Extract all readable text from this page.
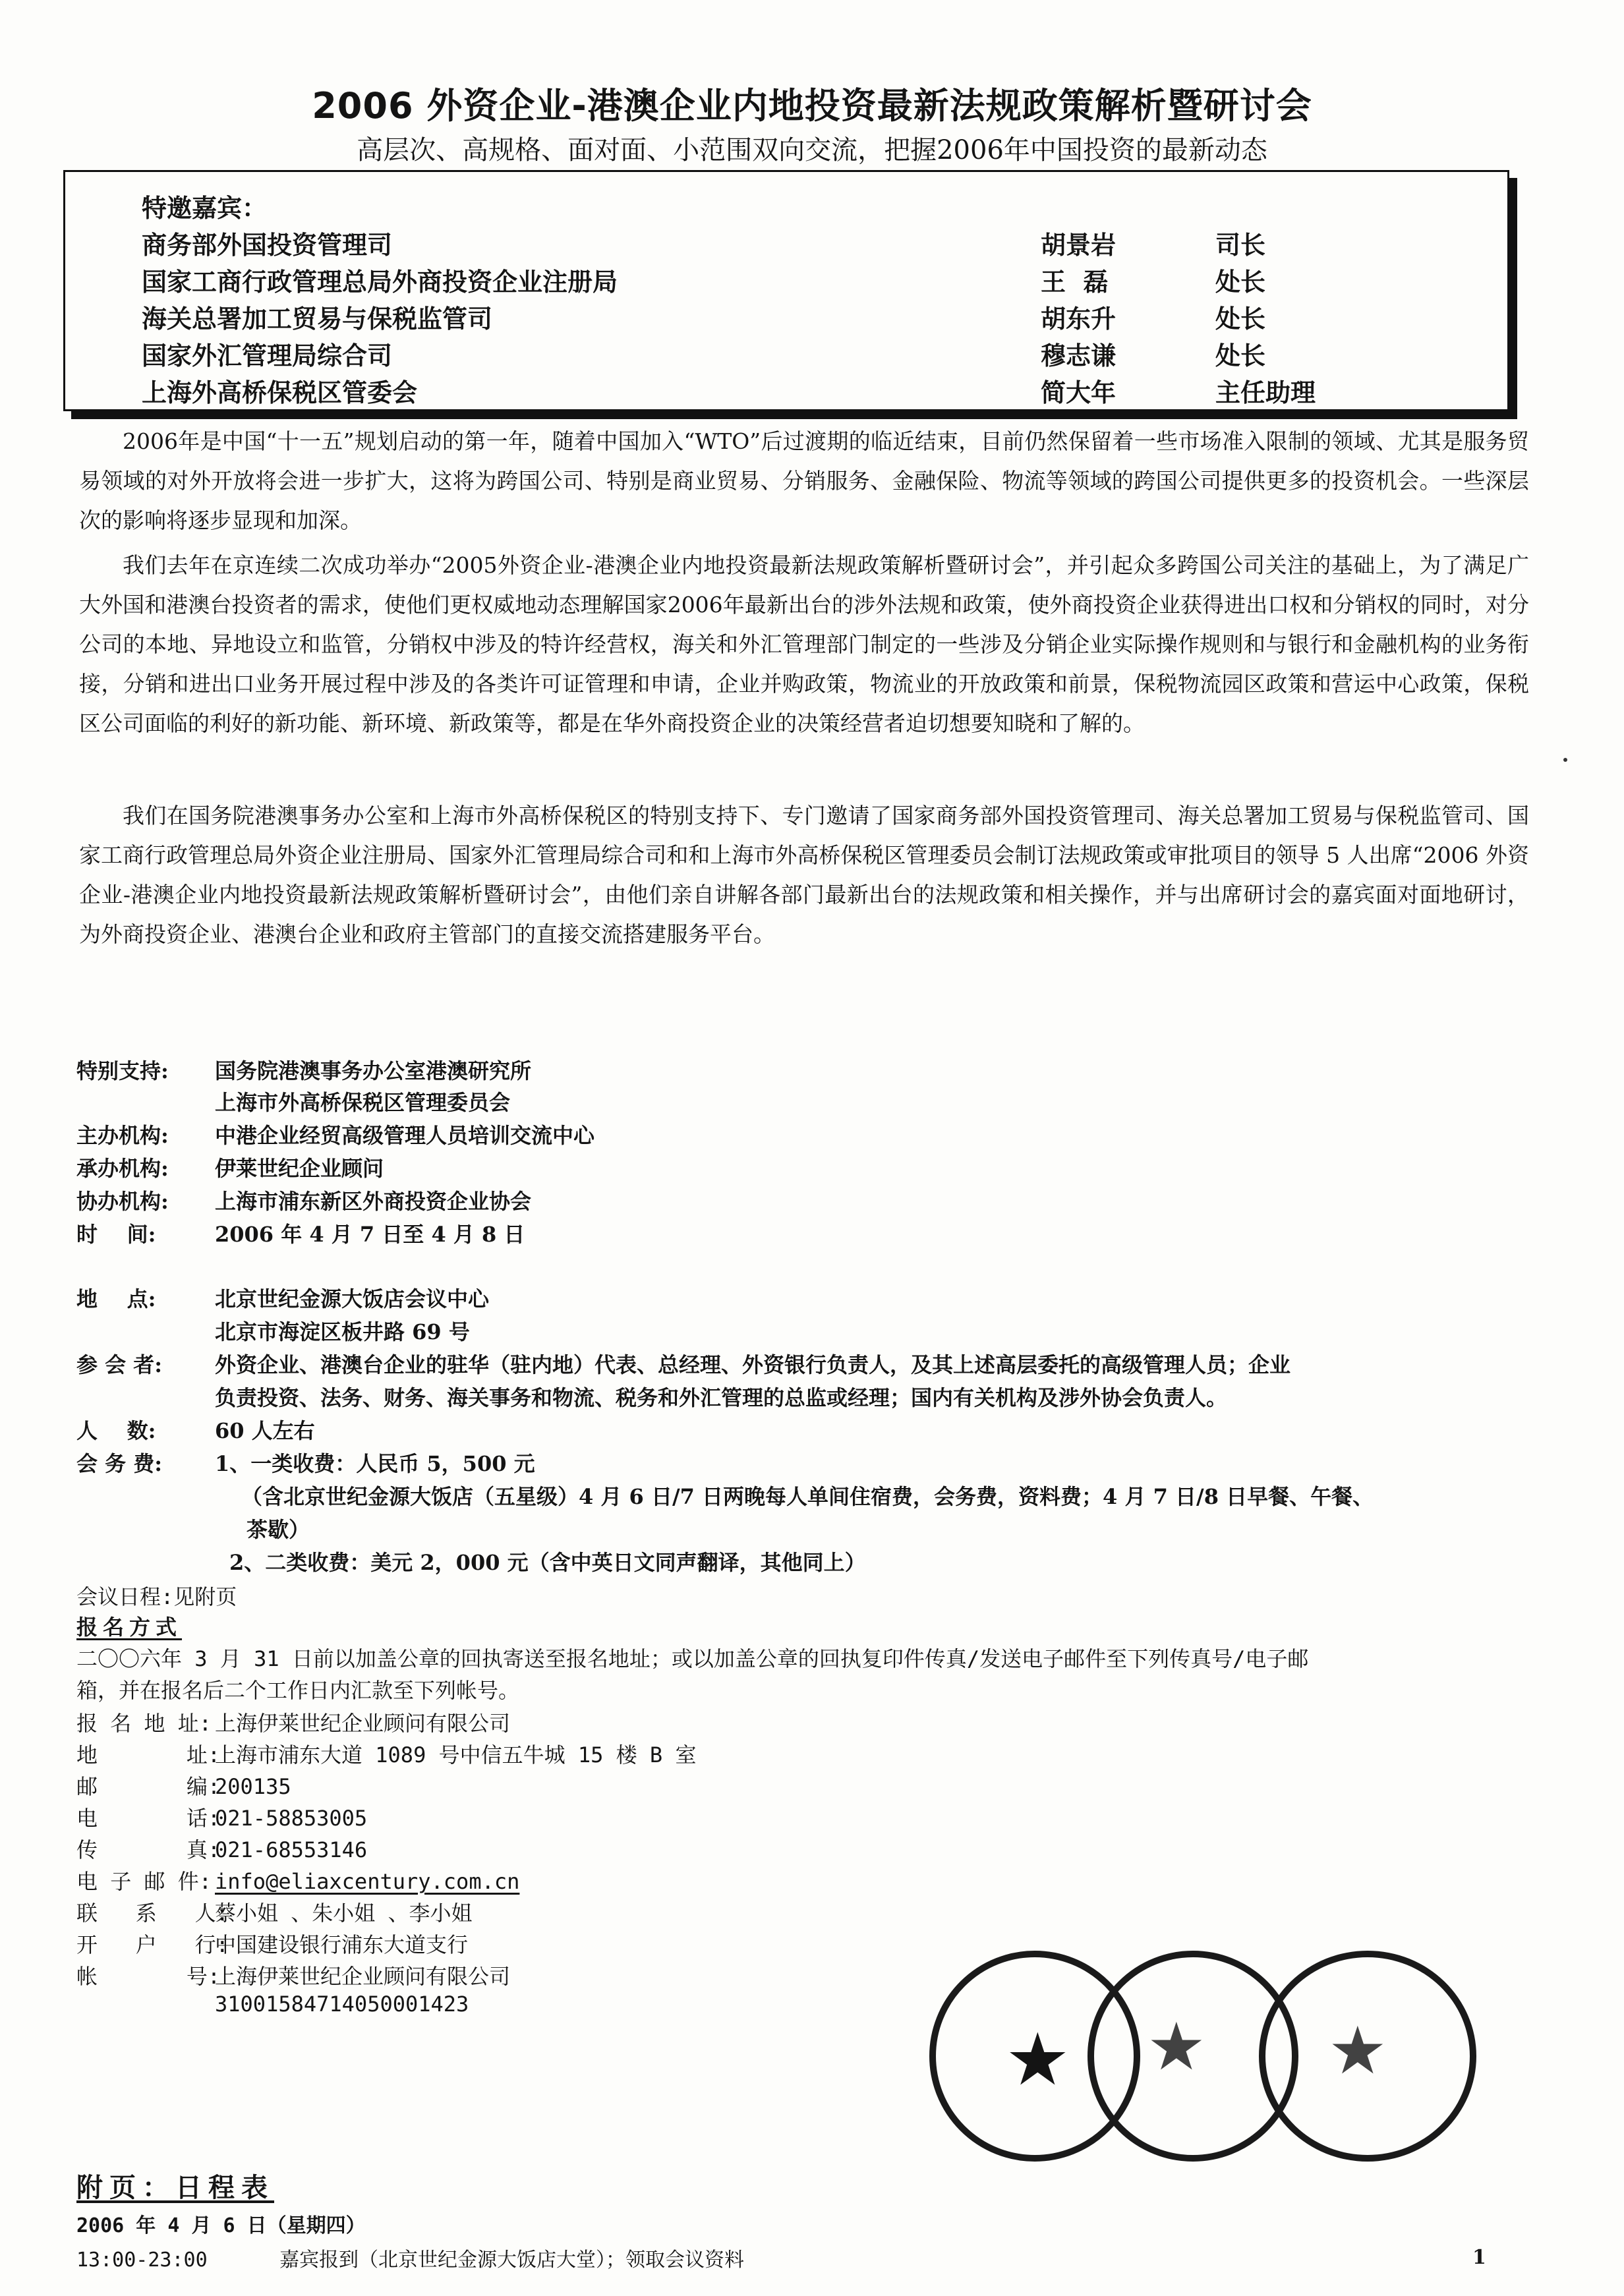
2006 外资企业-港澳企业内地投资最新法规政策解析暨研讨会
高层次、高规格、面对面、小范围双向交流，把握2006年中国投资的最新动态
特邀嘉宾：
商务部外国投资管理司	胡景岩	司长
国家工商行政管理总局外商投资企业注册局	王  磊	处长
海关总署加工贸易与保税监管司	胡东升	处长
国家外汇管理局综合司	穆志谦	处长
上海外高桥保税区管委会	简大年	主任助理

2006年是中国“十一五”规划启动的第一年，随着中国加入“WTO”后过渡期的临近结束，目前仍然保留着一些市场准入限制的领域、尤其是服务贸易领域的对外开放将会进一步扩大，这将为跨国公司、特别是商业贸易、分销服务、金融保险、物流等领域的跨国公司提供更多的投资机会。一些深层次的影响将逐步显现和加深。

我们去年在京连续二次成功举办“2005外资企业-港澳企业内地投资最新法规政策解析暨研讨会”，并引起众多跨国公司关注的基础上，为了满足广大外国和港澳台投资者的需求，使他们更权威地动态理解国家2006年最新出台的涉外法规和政策，使外商投资企业获得进出口权和分销权的同时，对分公司的本地、异地设立和监管，分销权中涉及的特许经营权，海关和外汇管理部门制定的一些涉及分销企业实际操作规则和与银行和金融机构的业务衔接，分销和进出口业务开展过程中涉及的各类许可证管理和申请，企业并购政策，物流业的开放政策和前景，保税物流园区政策和营运中心政策，保税区公司面临的利好的新功能、新环境、新政策等，都是在华外商投资企业的决策经营者迫切想要知晓和了解的。

我们在国务院港澳事务办公室和上海市外高桥保税区的特别支持下、专门邀请了国家商务部外国投资管理司、海关总署加工贸易与保税监管司、国家工商行政管理总局外资企业注册局、国家外汇管理局综合司和和上海市外高桥保税区管理委员会制订法规政策或审批项目的领导 5 人出席“2006 外资企业-港澳企业内地投资最新法规政策解析暨研讨会”，由他们亲自讲解各部门最新出台的法规政策和相关操作，并与出席研讨会的嘉宾面对面地研讨，为外商投资企业、港澳台企业和政府主管部门的直接交流搭建服务平台。

特别支持: 国务院港澳事务办公室港澳研究所
上海市外高桥保税区管理委员会
主办机构: 中港企业经贸高级管理人员培训交流中心
承办机构: 伊莱世纪企业顾问
协办机构: 上海市浦东新区外商投资企业协会
时    间:	2006 年 4 月 7 日至 4 月 8 日
地    点:	北京世纪金源大饭店会议中心
北京市海淀区板井路 69 号
参 会 者: 外资企业、港澳台企业的驻华（驻内地）代表、总经理、外资银行负责人，及其上述高层委托的高级管理人员；企业
负责投资、法务、财务、海关事务和物流、税务和外汇管理的总监或经理；国内有关机构及涉外协会负责人。
人    数:	60 人左右
会 务 费: 1、一类收费：人民币 5，500 元
（含北京世纪金源大饭店（五星级）4 月 6 日/7 日两晚每人单间住宿费，会务费，资料费；4 月 7 日/8 日早餐、午餐、
茶歇）
2、二类收费：美元 2，000 元（含中英日文同声翻译，其他同上）
会议日程:见附页
报名方式
二〇〇六年 3 月 31 日前以加盖公章的回执寄送至报名地址；或以加盖公章的回执复印件传真/发送电子邮件至下列传真号/电子邮
箱，并在报名后二个工作日内汇款至下列帐号。
报 名 地 址: 上海伊莱世纪企业顾问有限公司
地       址:上海市浦东大道 1089 号中信五牛城 15 楼 B 室
邮       编:200135
电       话:021-58853005
传       真:021-68553146
电 子 邮 件: info@eliaxcentury.com.cn
联   系   人:蔡小姐 、朱小姐 、李小姐
开   户   行:中国建设银行浦东大道支行
帐       号:上海伊莱世纪企业顾问有限公司
31001584714050001423
★ ★ ★
附页：日程表
2006 年 4 月 6 日（星期四）
13:00-23:00	嘉宾报到（北京世纪金源大饭店大堂）；领取会议资料	1
